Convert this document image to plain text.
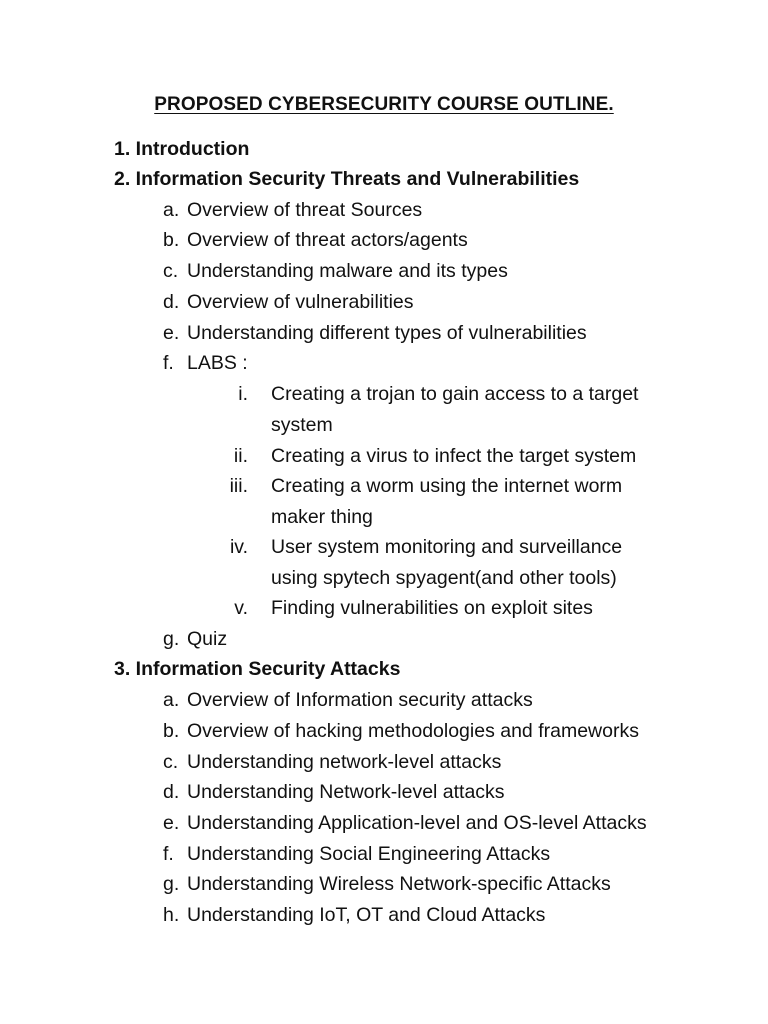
PROPOSED CYBERSECURITY COURSE OUTLINE.
1. Introduction
2. Information Security Threats and Vulnerabilities
a. Overview of threat Sources
b. Overview of threat actors/agents
c. Understanding malware and its types
d. Overview of vulnerabilities
e. Understanding different types of vulnerabilities
f. LABS :
i. Creating a trojan to gain access to a target
system
ii. Creating a virus to infect the target system
iii. Creating a worm using the internet worm
maker thing
iv. User system monitoring and surveillance
using spytech spyagent(and other tools)
v. Finding vulnerabilities on exploit sites
g. Quiz
3. Information Security Attacks
a. Overview of Information security attacks
b. Overview of hacking methodologies and frameworks
c. Understanding network-level attacks
d. Understanding Network-level attacks
e. Understanding Application-level and OS-level Attacks
f. Understanding Social Engineering Attacks
g. Understanding Wireless Network-specific Attacks
h. Understanding IoT, OT and Cloud Attacks
